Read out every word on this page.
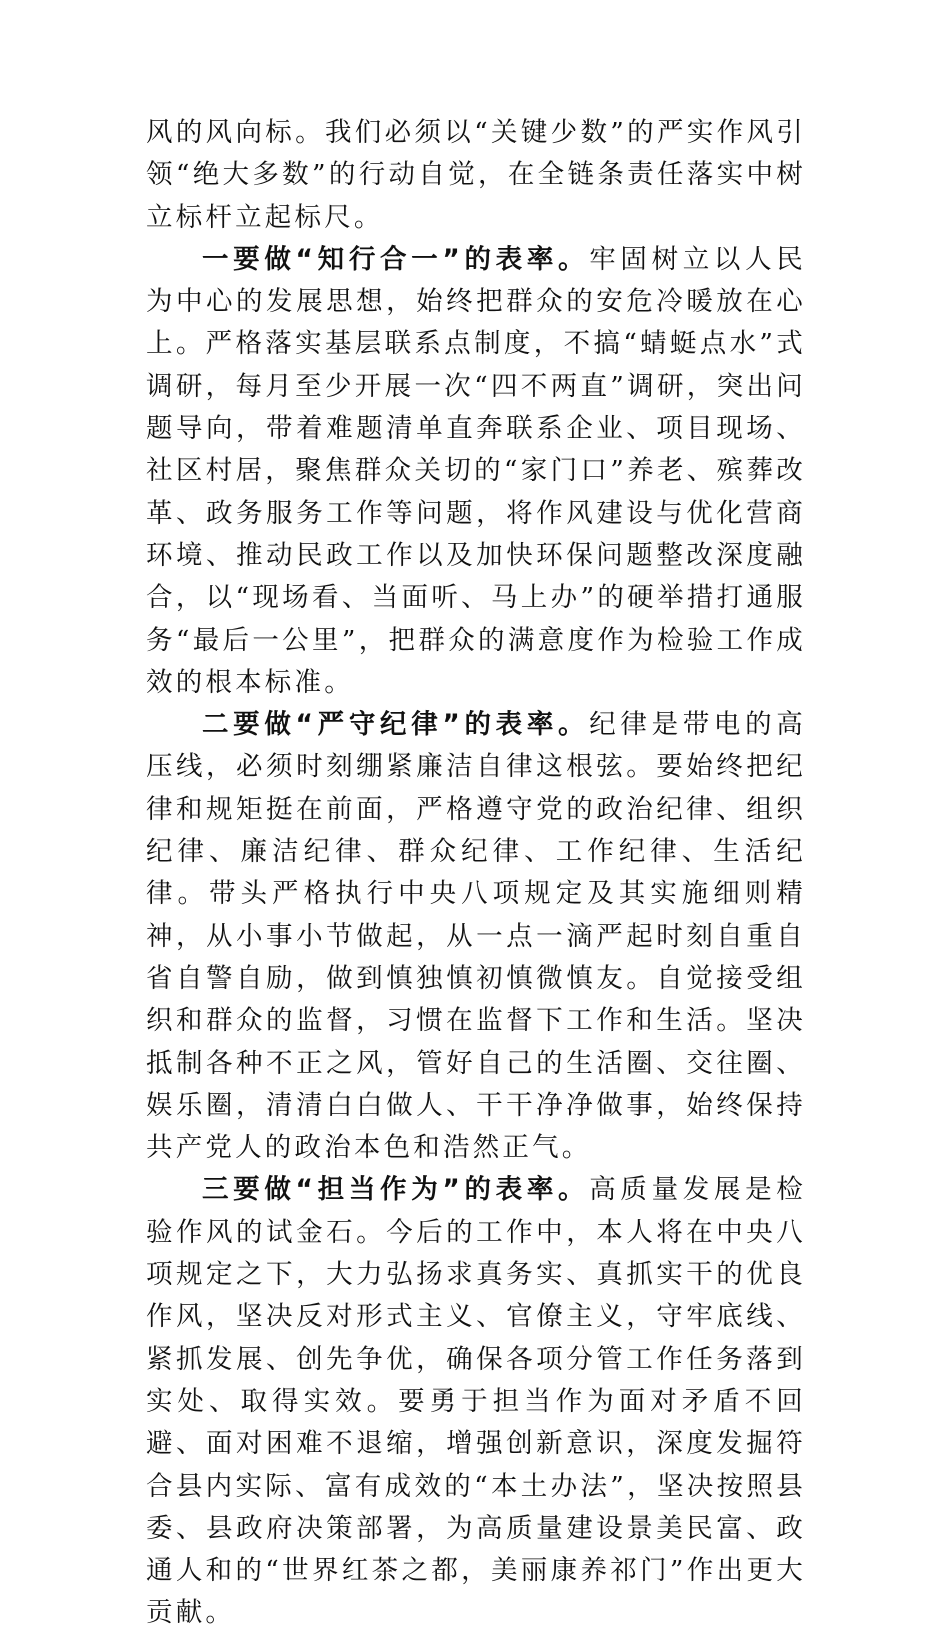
风的风向标。我们必须以“关键少数”的严实作风引领“绝大多数”的行动自觉，在全链条责任落实中树立标杆立起标尺。

一要做“知行合一”的表率。牢固树立以人民为中心的发展思想，始终把群众的安危冷暖放在心上。严格落实基层联系点制度，不搞“蜻蜓点水”式调研，每月至少开展一次“四不两直”调研，突出问题导向，带着难题清单直奔联系企业、项目现场、社区村居，聚焦群众关切的“家门口”养老、殡葬改革、政务服务工作等问题，将作风建设与优化营商环境、推动民政工作以及加快环保问题整改深度融合，以“现场看、当面听、马上办”的硬举措打通服务“最后一公里”，把群众的满意度作为检验工作成效的根本标准。

二要做“严守纪律”的表率。纪律是带电的高压线，必须时刻绷紧廉洁自律这根弦。要始终把纪律和规矩挺在前面，严格遵守党的政治纪律、组织纪律、廉洁纪律、群众纪律、工作纪律、生活纪律。带头严格执行中央八项规定及其实施细则精神，从小事小节做起，从一点一滴严起时刻自重自省自警自励，做到慎独慎初慎微慎友。自觉接受组织和群众的监督，习惯在监督下工作和生活。坚决抵制各种不正之风，管好自己的生活圈、交往圈、娱乐圈，清清白白做人、干干净净做事，始终保持共产党人的政治本色和浩然正气。

三要做“担当作为”的表率。高质量发展是检验作风的试金石。今后的工作中，本人将在中央八项规定之下，大力弘扬求真务实、真抓实干的优良作风，坚决反对形式主义、官僚主义，守牢底线、紧抓发展、创先争优，确保各项分管工作任务落到实处、取得实效。要勇于担当作为面对矛盾不回避、面对困难不退缩，增强创新意识，深度发掘符合县内实际、富有成效的“本土办法”，坚决按照县委、县政府决策部署，为高质量建设景美民富、政通人和的“世界红茶之都，美丽康养祁门”作出更大贡献。
